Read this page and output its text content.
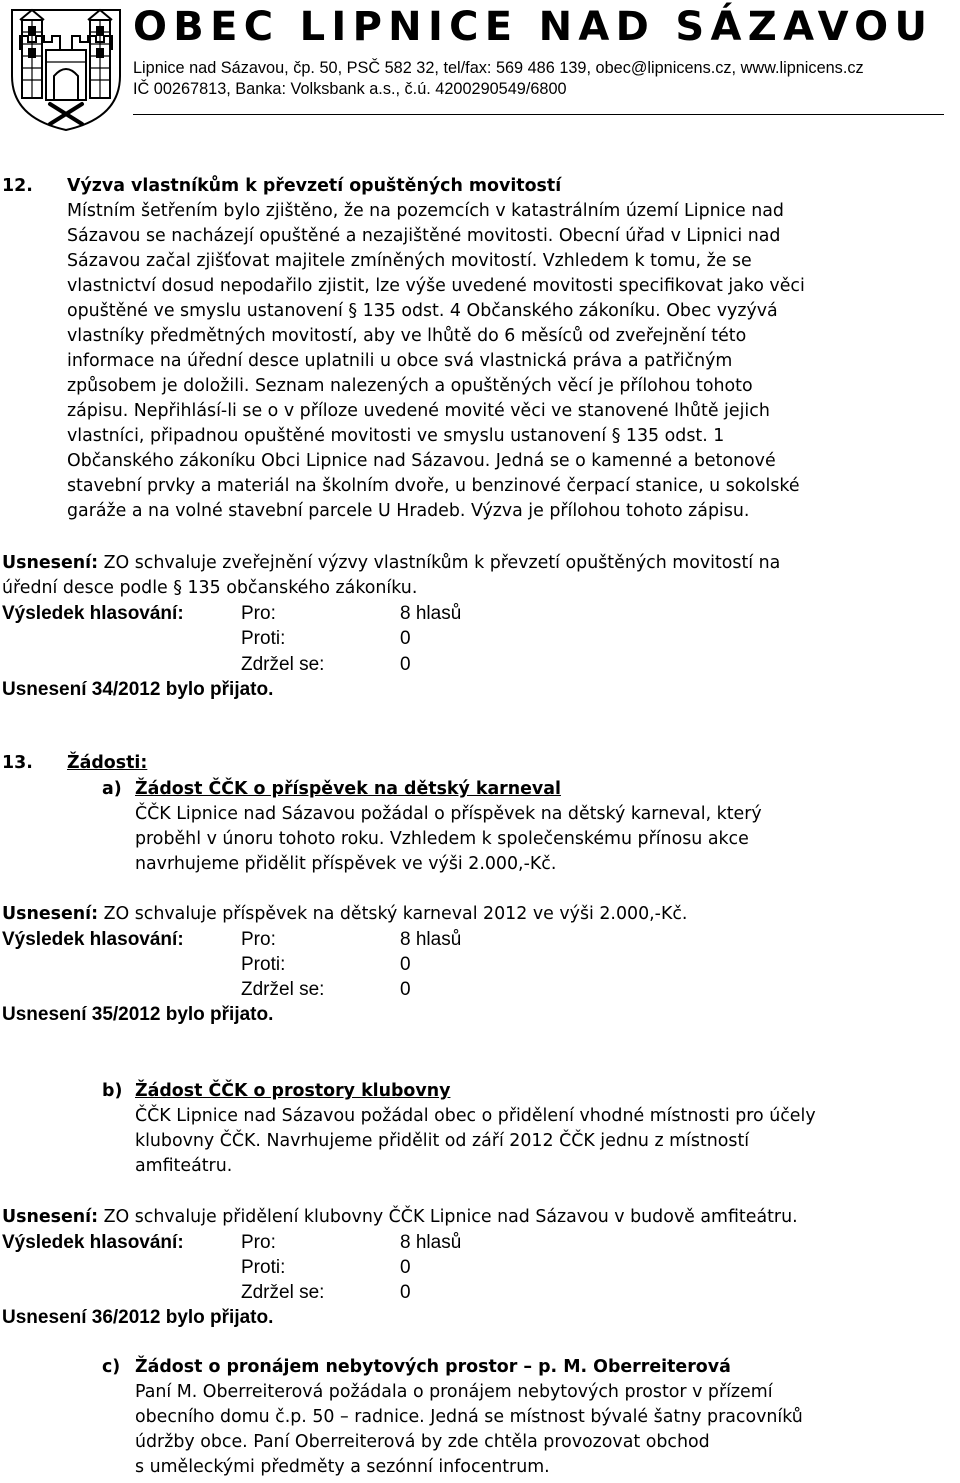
OBEC LIPNICE NAD SÁZAVOU
Lipnice nad Sázavou, čp. 50, PSČ 582 32, tel/fax: 569 486 139, obec@lipnicens.cz, www.lipnicens.cz
IČ 00267813, Banka: Volksbank a.s., č.ú. 4200290549/6800
12. Výzva vlastníkům k převzetí opuštěných movitostí
Místním šetřením bylo zjištěno, že na pozemcích v katastrálním území Lipnice nad
Sázavou se nacházejí opuštěné a nezajištěné movitosti. Obecní úřad v Lipnici nad
Sázavou začal zjišťovat majitele zmíněných movitostí. Vzhledem k tomu, že se
vlastnictví dosud nepodařilo zjistit, lze výše uvedené movitosti specifikovat jako věci
opuštěné ve smyslu ustanovení § 135 odst. 4 Občanského zákoníku. Obec vyzývá
vlastníky předmětných movitostí, aby ve lhůtě do 6 měsíců od zveřejnění této
informace na úřední desce uplatnili u obce svá vlastnická práva a patřičným
způsobem je doložili. Seznam nalezených a opuštěných věcí je přílohou tohoto
zápisu. Nepřihlásí-li se o v příloze uvedené movité věci ve stanovené lhůtě jejich
vlastníci, připadnou opuštěné movitosti ve smyslu ustanovení § 135 odst. 1
Občanského zákoníku Obci Lipnice nad Sázavou. Jedná se o kamenné a betonové
stavební prvky a materiál na školním dvoře, u benzinové čerpací stanice, u sokolské
garáže a na volné stavební parcele U Hradeb. Výzva je přílohou tohoto zápisu.
Usnesení: ZO schvaluje zveřejnění výzvy vlastníkům k převzetí opuštěných movitostí na
úřední desce podle § 135 občanského zákoníku.
Výsledek hlasování:	Pro:	8 hlasů
Proti:	0
Zdržel se:	0
Usnesení 34/2012 bylo přijato.
13. Žádosti:
a) Žádost ČČK o příspěvek na dětský karneval
ČČK Lipnice nad Sázavou požádal o příspěvek na dětský karneval, který
proběhl v únoru tohoto roku. Vzhledem k společenskému přínosu akce
navrhujeme přidělit příspěvek ve výši 2.000,-Kč.
Usnesení: ZO schvaluje příspěvek na dětský karneval 2012 ve výši 2.000,-Kč.
Výsledek hlasování:	Pro:	8 hlasů
Proti:	0
Zdržel se:	0
Usnesení 35/2012 bylo přijato.
b) Žádost ČČK o prostory klubovny
ČČK Lipnice nad Sázavou požádal obec o přidělení vhodné místnosti pro účely
klubovny ČČK. Navrhujeme přidělit od září 2012 ČČK jednu z místností
amfiteátru.
Usnesení: ZO schvaluje přidělení klubovny ČČK Lipnice nad Sázavou v budově amfiteátru.
Výsledek hlasování:	Pro:	8 hlasů
Proti:	0
Zdržel se:	0
Usnesení 36/2012 bylo přijato.
c) Žádost o pronájem nebytových prostor – p. M. Oberreiterová
Paní M. Oberreiterová požádala o pronájem nebytových prostor v přízemí
obecního domu č.p. 50 – radnice. Jedná se místnost bývalé šatny pracovníků
údržby obce. Paní Oberreiterová by zde chtěla provozovat obchod
s uměleckými předměty a sezónní infocentrum.
